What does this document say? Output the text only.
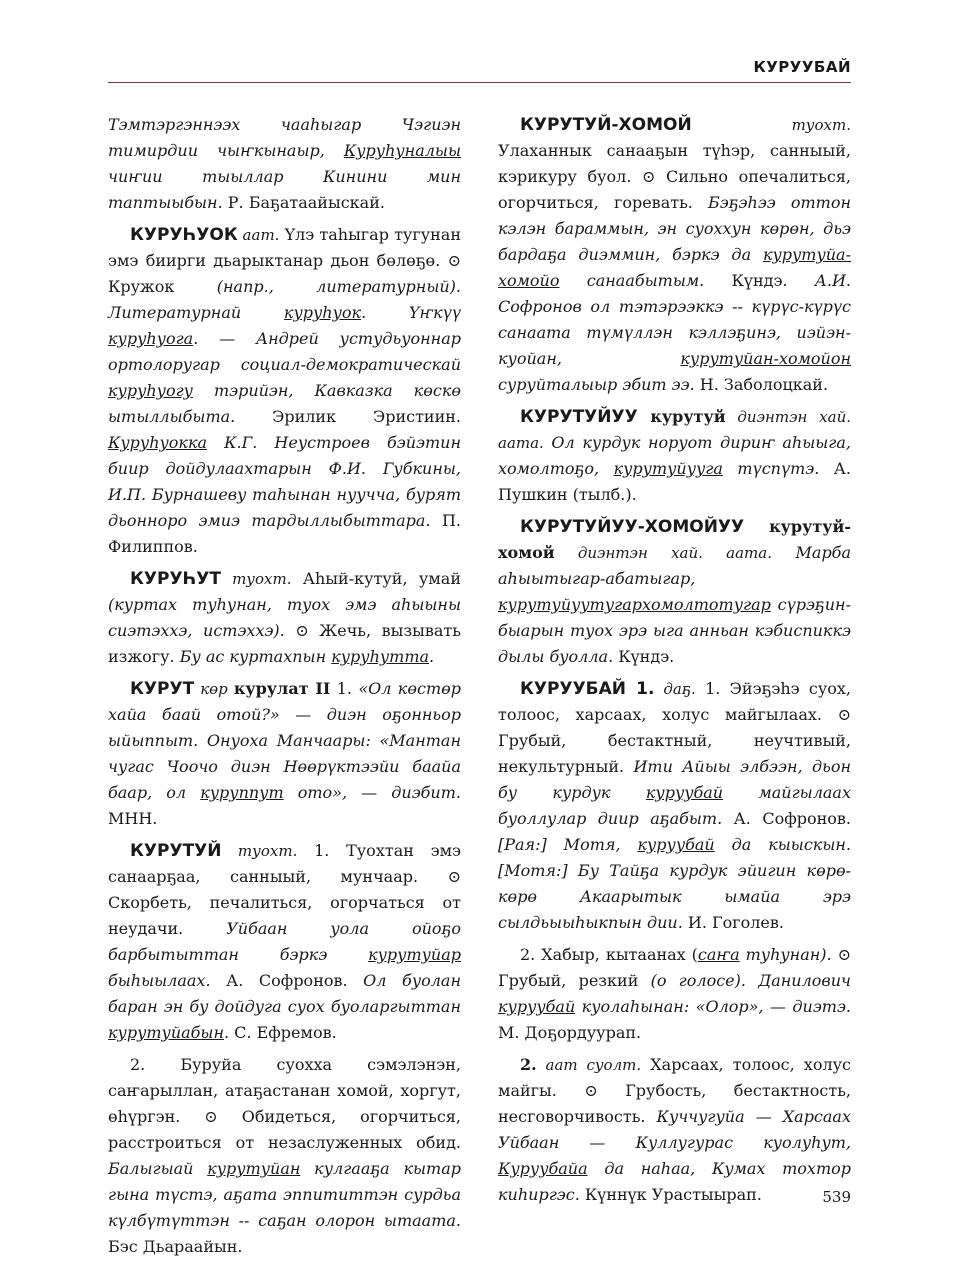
КУРУУБАЙ

Тэмтэргэннээх чааһыгар Чэгиэн тимирдии чыҥкынаыр, Куруһуналыы чиҥии тыыллар Кинини мин таптыыбын. Р. Баҕатаайыскай.

КУРУҺУОК аат. Үлэ таһыгар тугунан эмэ биирги дьарыктанар дьон бөлөҕө. ⊙ Кружок (напр., литературный). Литературнай куруһуок. Үҥкүү куруһуога. — Андрей устудьуоннар ортолоругар социал-демократическай куруһуогу тэрийэн, Кавказка көскө ытыллыбыта. Эрилик Эристиин. Куруһуокка К.Г. Неустроев бэйэтин биир дойдулаахтарын Ф.И. Губкины, И.П. Бурнашеву таһынан нуучча, бурят дьонноро эмиэ тардыллыбыттара. П. Филиппов.

КУРУҺУТ туохт. Аһый-кутуй, умай (куртах туһунан, туох эмэ аһыыны сиэтэххэ, истэххэ). ⊙ Жечь, вызывать изжогу. Бу ас куртахпын куруһутта.

КУРУТ көр курулат II 1. «Ол көстөр хайа баай отой?» — диэн оҕонньор ыйыппыт. Онуоха Манчаары: «Мантан чугас Чоочо диэн Нөөрүктээйи баайа баар, ол куруппут ото», — диэбит. МНН.

КУРУТУЙ туохт. 1. Туохтан эмэ санаарҕаа, санныый, мунчаар. ⊙ Скорбеть, печалиться, огорчаться от неудачи. Уйбаан уола ойоҕо барбытыттан бэркэ курутуйар быһыылаах. А. Софронов. Ол буолан баран эн бу дойдуга суох буоларгыттан курутуйабын. С. Ефремов.

2. Буруйа суохха сэмэлэнэн, саҥарыллан, атаҕастанан хомой, хоргут, өһүргэн. ⊙ Обидеться, огорчиться, расстроиться от незаслуженных обид. Балыгыай курутуйан кулгааҕа кытар гына түстэ, аҕата эппититтэн сурдьа күлбүтүттэн -- саҕан олорон ытаата. Бэс Дьараайын.

КУРУТУЙ-ХОМОЙ туохт. Улаханнык санааҕын түһэр, санныый, кэрикуру буол. ⊙ Сильно опечалиться, огорчиться, горевать. Бэҕэһээ оттон кэлэн бараммын, эн суоххун көрөн, дьэ бардаҕа диэммин, бэркэ да курутуйа-хомойо санаабытым. Күндэ. А.И. Софронов ол тэтэрээккэ -- күрүс-күрүс санаата түмүллэн кэллэҕинэ, иэйэн-куойан, курутуйан-хомойон суруйталыыр эбит ээ. Н. Заболоцкай.

КУРУТУЙУУ курутуй диэнтэн хай. аата. Ол курдук норуот дириҥ аһыыга, хомолтоҕо, курутуйууга түспүтэ. А. Пушкин (тылб.).

КУРУТУЙУУ-ХОМОЙУУ курутуй-хомой диэнтэн хай. аата. Марба аһыытыгар-абатыгар, курутуйуутугархомолтотугар сүрэҕин-быарын туох эрэ ыга анньан кэбиспиккэ дылы буолла. Күндэ.

КУРУУБАЙ 1. даҕ. 1. Эйэҕэһэ суох, толоос, харсаах, холус майгылаах. ⊙ Грубый, бестактный, неучтивый, некультурный. Ити Айыы элбээн, дьон бу курдук куруубай майгылаах буоллулар диир аҕабыт. А. Софронов. [Рая:] Мотя, куруубай да кыыскын. [Мотя:] Бу Тайҕа курдук эйигин көрө-көрө Акаарытык ымайа эрэ сылдьыыһыкпын дии. И. Гоголев.

2. Хабыр, кытаанах (саҥа туһунан). ⊙ Грубый, резкий (о голосе). Данилович куруубай куолаһынан: «Олор», — диэтэ. М. Доҕордуурап.

2. аат суолт. Харсаах, толоос, холус майгы. ⊙ Грубость, бестактность, несговорчивость. Куччугуйа — Харсаах Уйбаан — Куллугурас куолуһут, Куруубайа да наһаа, Кумах тохтор киһиргэс. Күннүк Урастыырап.	539
